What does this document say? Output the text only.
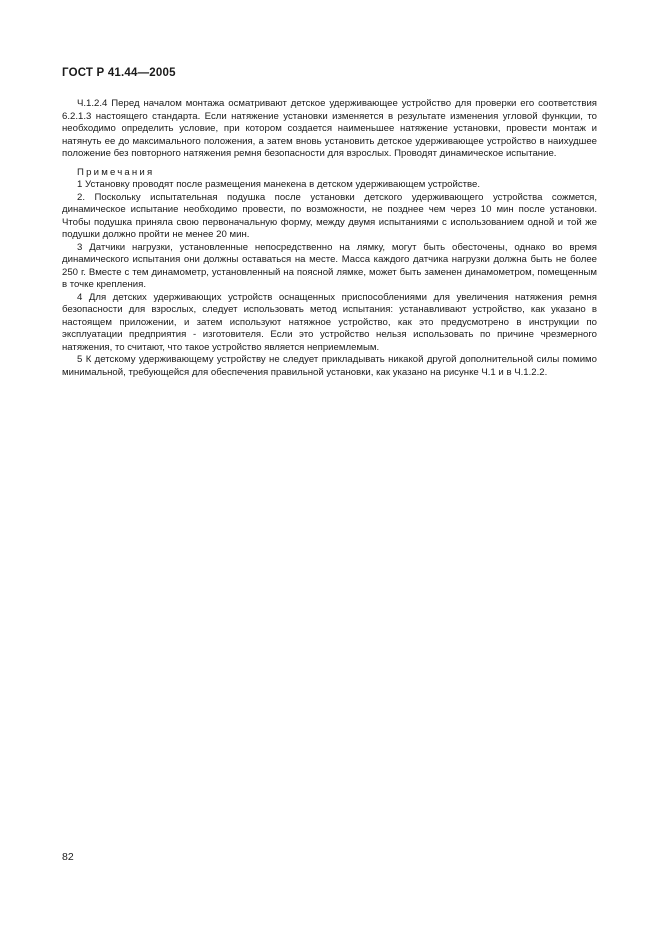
ГОСТ Р 41.44—2005

Ч.1.2.4 Перед началом монтажа осматривают детское удерживающее устройство для проверки его соответствия 6.2.1.3 настоящего стандарта. Если натяжение установки изменяется в результате изменения угловой функции, то необходимо определить условие, при котором создается наименьшее натяжение установки, провести монтаж и натянуть ее до максимального положения, а затем вновь установить детское удерживающее устройство в наихудшее положение без повторного натяжения ремня безопасности для взрослых. Проводят динамическое испытание.

Примечания

1 Установку проводят после размещения манекена в детском удерживающем устройстве.

2. Поскольку испытательная подушка после установки детского удерживающего устройства сожмется, динамическое испытание необходимо провести, по возможности, не позднее чем через 10 мин после установки. Чтобы подушка приняла свою первоначальную форму, между двумя испытаниями с использованием одной и той же подушки должно пройти не менее 20 мин.

3 Датчики нагрузки, установленные непосредственно на лямку, могут быть обесточены, однако во время динамического испытания они должны оставаться на месте. Масса каждого датчика нагрузки должна быть не более 250 г. Вместе с тем динамометр, установленный на поясной лямке, может быть заменен динамометром, помещенным в точке крепления.

4 Для детских удерживающих устройств оснащенных приспособлениями для увеличения натяжения ремня безопасности для взрослых, следует использовать метод испытания: устанавливают устройство, как указано в настоящем приложении, и затем используют натяжное устройство, как это предусмотрено в инструкции по эксплуатации предприятия - изготовителя. Если это устройство нельзя использовать по причине чрезмерного натяжения, то считают, что такое устройство является неприемлемым.

5 К детскому удерживающему устройству не следует прикладывать никакой другой дополнительной силы помимо минимальной, требующейся для обеспечения правильной установки, как указано на рисунке Ч.1 и в Ч.1.2.2.

82
